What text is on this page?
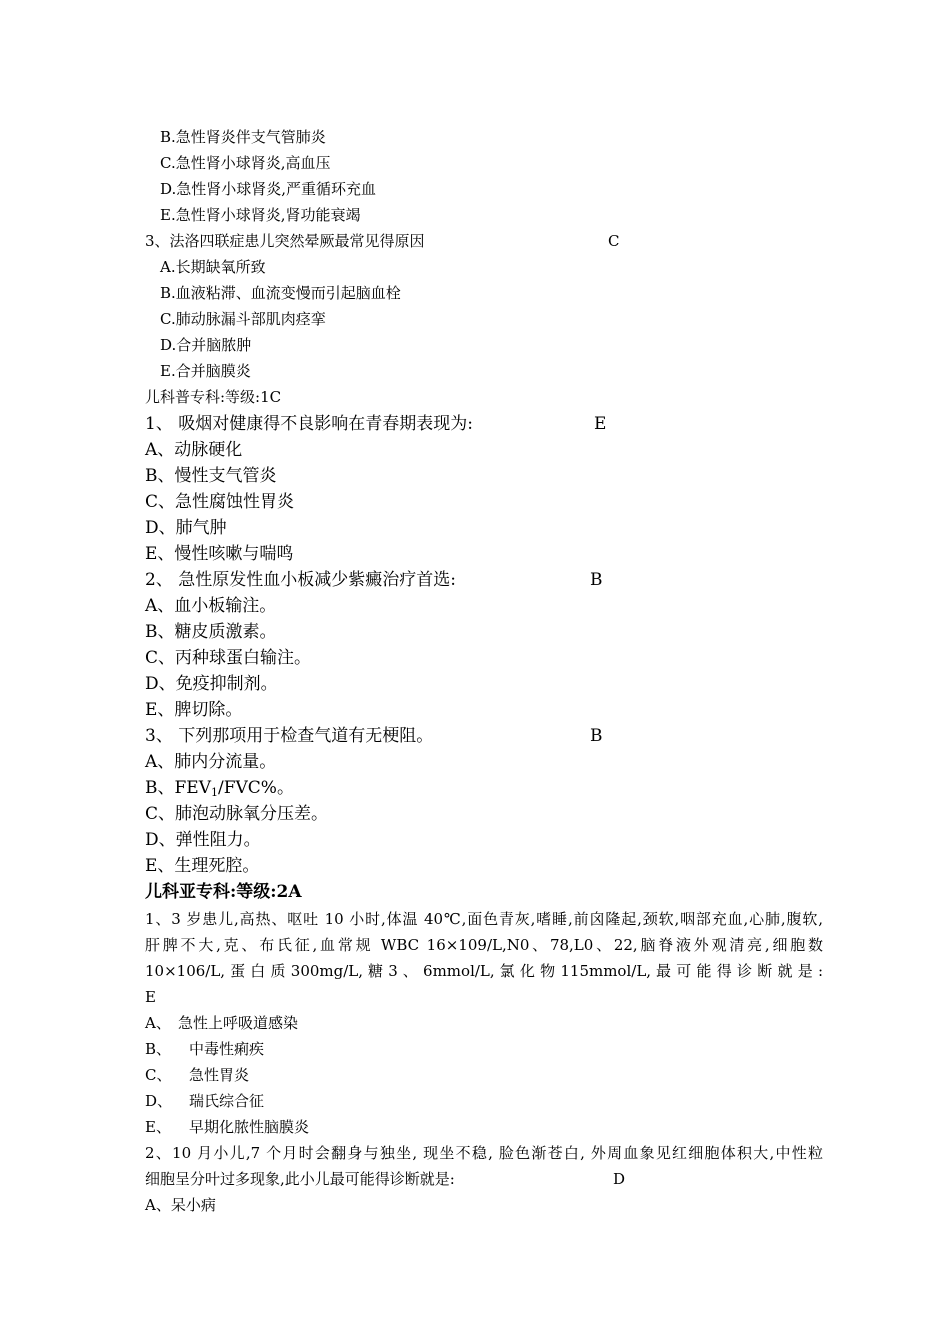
B.急性肾炎伴支气管肺炎
C.急性肾小球肾炎,高血压
D.急性肾小球肾炎,严重循环充血
E.急性肾小球肾炎,肾功能衰竭
3、法洛四联症患儿突然晕厥最常见得原因	C
A.长期缺氧所致
B.血液粘滞、血流变慢而引起脑血栓
C.肺动脉漏斗部肌肉痉挛
D.合并脑脓肿
E.合并脑膜炎
儿科普专科:等级:1C
1、 吸烟对健康得不良影响在青春期表现为:	E
A、动脉硬化
B、慢性支气管炎
C、急性腐蚀性胃炎
D、肺气肿
E、慢性咳嗽与喘鸣
2、 急性原发性血小板减少紫癜治疗首选:	B
A、血小板输注。
B、糖皮质激素。
C、丙种球蛋白输注。
D、免疫抑制剂。
E、脾切除。
3、 下列那项用于检查气道有无梗阻。	B
A、肺内分流量。
B、$FEV_1/FVC\%$。
C、肺泡动脉氧分压差。
D、弹性阻力。
E、生理死腔。
儿科亚专科:等级:2A
1、3 岁患儿,高热、呕吐 10 小时,体温 40℃,面色青灰,嗜睡,前囟隆起,颈软,咽部充血,心肺,腹软,
肝脾不大,克、布氏征,血常规 WBC 16×109/L,N0、78,L0、22,脑脊液外观清亮,细胞数
10×106/L, 蛋 白 质 300mg/L, 糖 3 、 6mmol/L, 氯 化 物 115mmol/L, 最 可 能 得 诊 断 就 是 :
E
A、 急性上呼吸道感染
B、 中毒性痢疾
C、 急性胃炎
D、 瑞氏综合征
E、 早期化脓性脑膜炎
2、10 月小儿,7 个月时会翻身与独坐, 现坐不稳, 脸色渐苍白, 外周血象见红细胞体积大,中性粒
细胞呈分叶过多现象,此小儿最可能得诊断就是:	D
A、呆小病
